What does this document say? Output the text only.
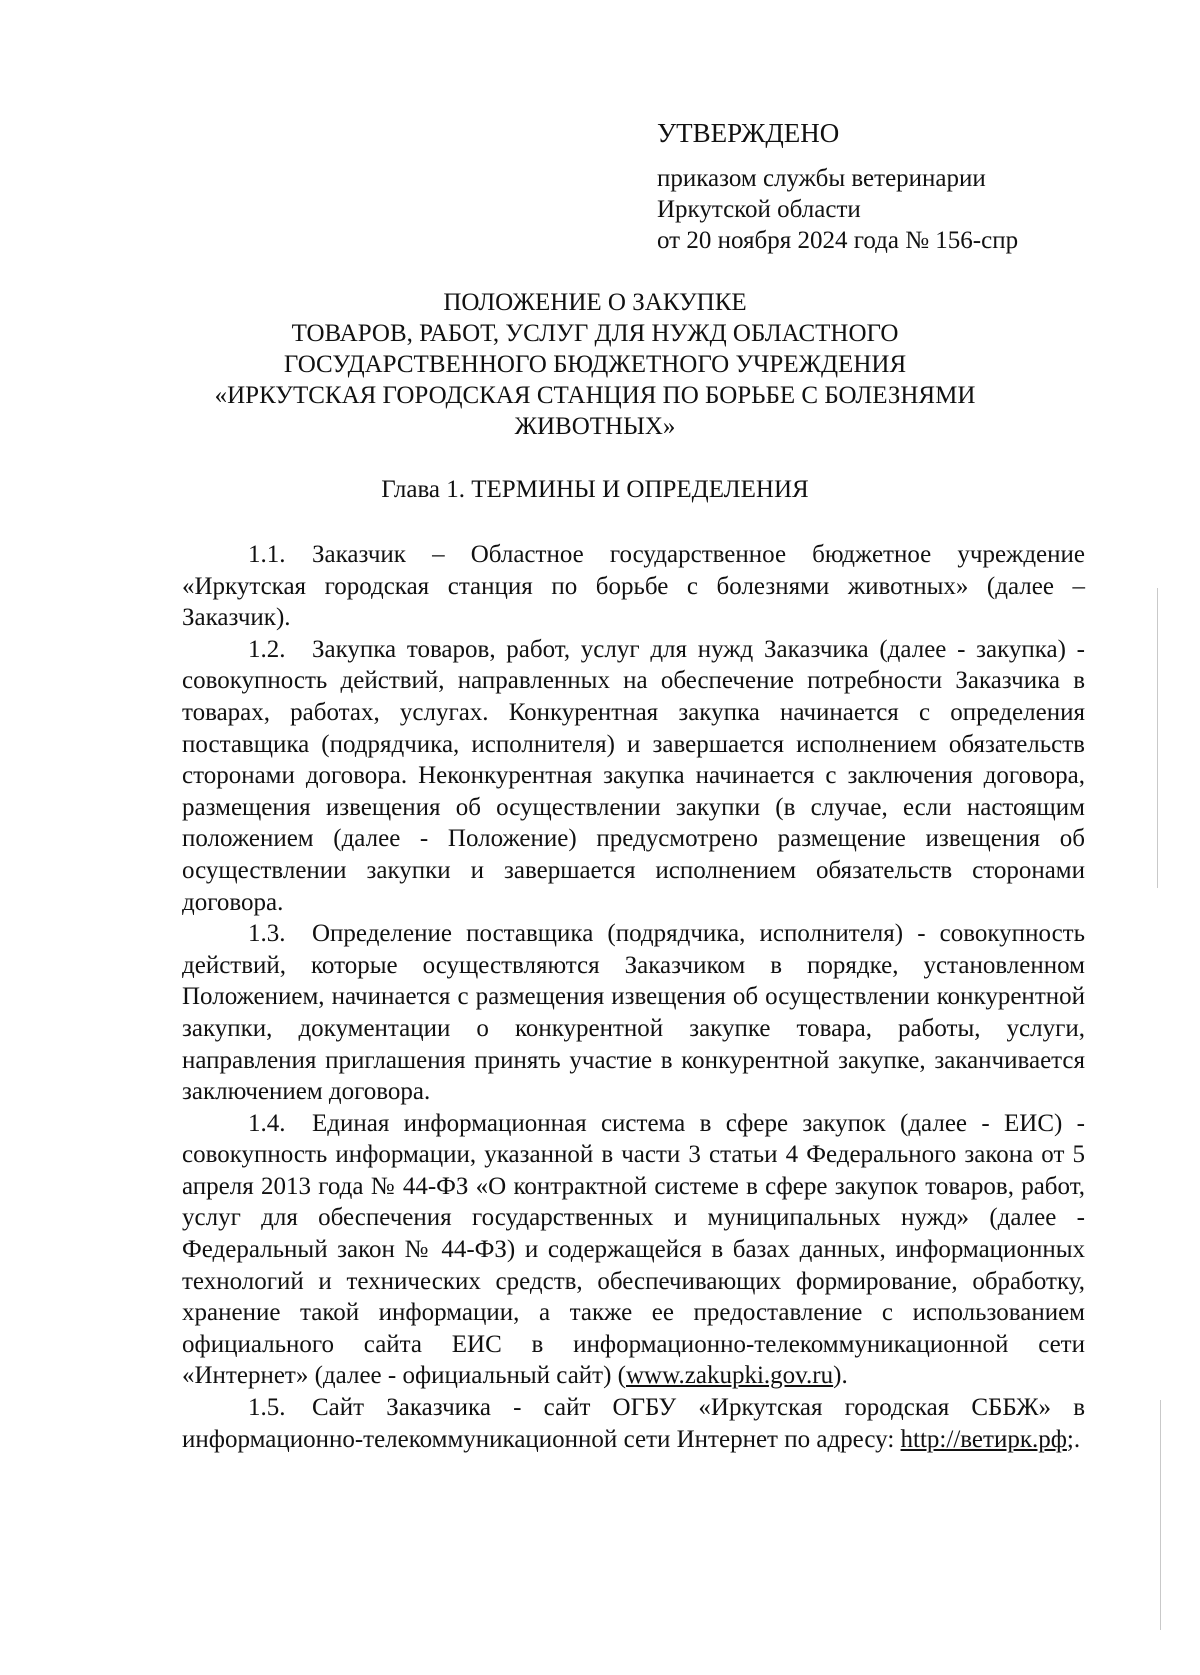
УТВЕРЖДЕНО
приказом службы ветеринарии
Иркутской области
от 20 ноября 2024 года № 156-спр
ПОЛОЖЕНИЕ О ЗАКУПКЕ
ТОВАРОВ, РАБОТ, УСЛУГ ДЛЯ НУЖД ОБЛАСТНОГО
ГОСУДАРСТВЕННОГО БЮДЖЕТНОГО УЧРЕЖДЕНИЯ
«ИРКУТСКАЯ ГОРОДСКАЯ СТАНЦИЯ ПО БОРЬБЕ С БОЛЕЗНЯМИ
ЖИВОТНЫХ»
Глава 1. ТЕРМИНЫ И ОПРЕДЕЛЕНИЯ

1.1. Заказчик – Областное государственное бюджетное учреждение «Иркутская городская станция по борьбе с болезнями животных» (далее – Заказчик).

1.2. Закупка товаров, работ, услуг для нужд Заказчика (далее - закупка) - совокупность действий, направленных на обеспечение потребности Заказчика в товарах, работах, услугах. Конкурентная закупка начинается с определения поставщика (подрядчика, исполнителя) и завершается исполнением обязательств сторонами договора. Неконкурентная закупка начинается с заключения договора, размещения извещения об осуществлении закупки (в случае, если настоящим положением (далее - Положение) предусмотрено размещение извещения об осуществлении закупки и завершается исполнением обязательств сторонами договора.

1.3. Определение поставщика (подрядчика, исполнителя) - совокупность действий, которые осуществляются Заказчиком в порядке, установленном Положением, начинается с размещения извещения об осуществлении конкурентной закупки, документации о конкурентной закупке товара, работы, услуги, направления приглашения принять участие в конкурентной закупке, заканчивается заключением договора.

1.4. Единая информационная система в сфере закупок (далее - ЕИС) - совокупность информации, указанной в части 3 статьи 4 Федерального закона от 5 апреля 2013 года № 44-ФЗ «О контрактной системе в сфере закупок товаров, работ, услуг для обеспечения государственных и муниципальных нужд» (далее - Федеральный закон № 44-ФЗ) и содержащейся в базах данных, информационных технологий и технических средств, обеспечивающих формирование, обработку, хранение такой информации, а также ее предоставление с использованием официального сайта ЕИС в информационно-телекоммуникационной сети «Интернет» (далее - официальный сайт) (www.zakupki.gov.ru).

1.5. Сайт Заказчика - сайт ОГБУ «Иркутская городская СББЖ» в информационно-телекоммуникационной сети Интернет по адресу: http://ветирк.рф;.
